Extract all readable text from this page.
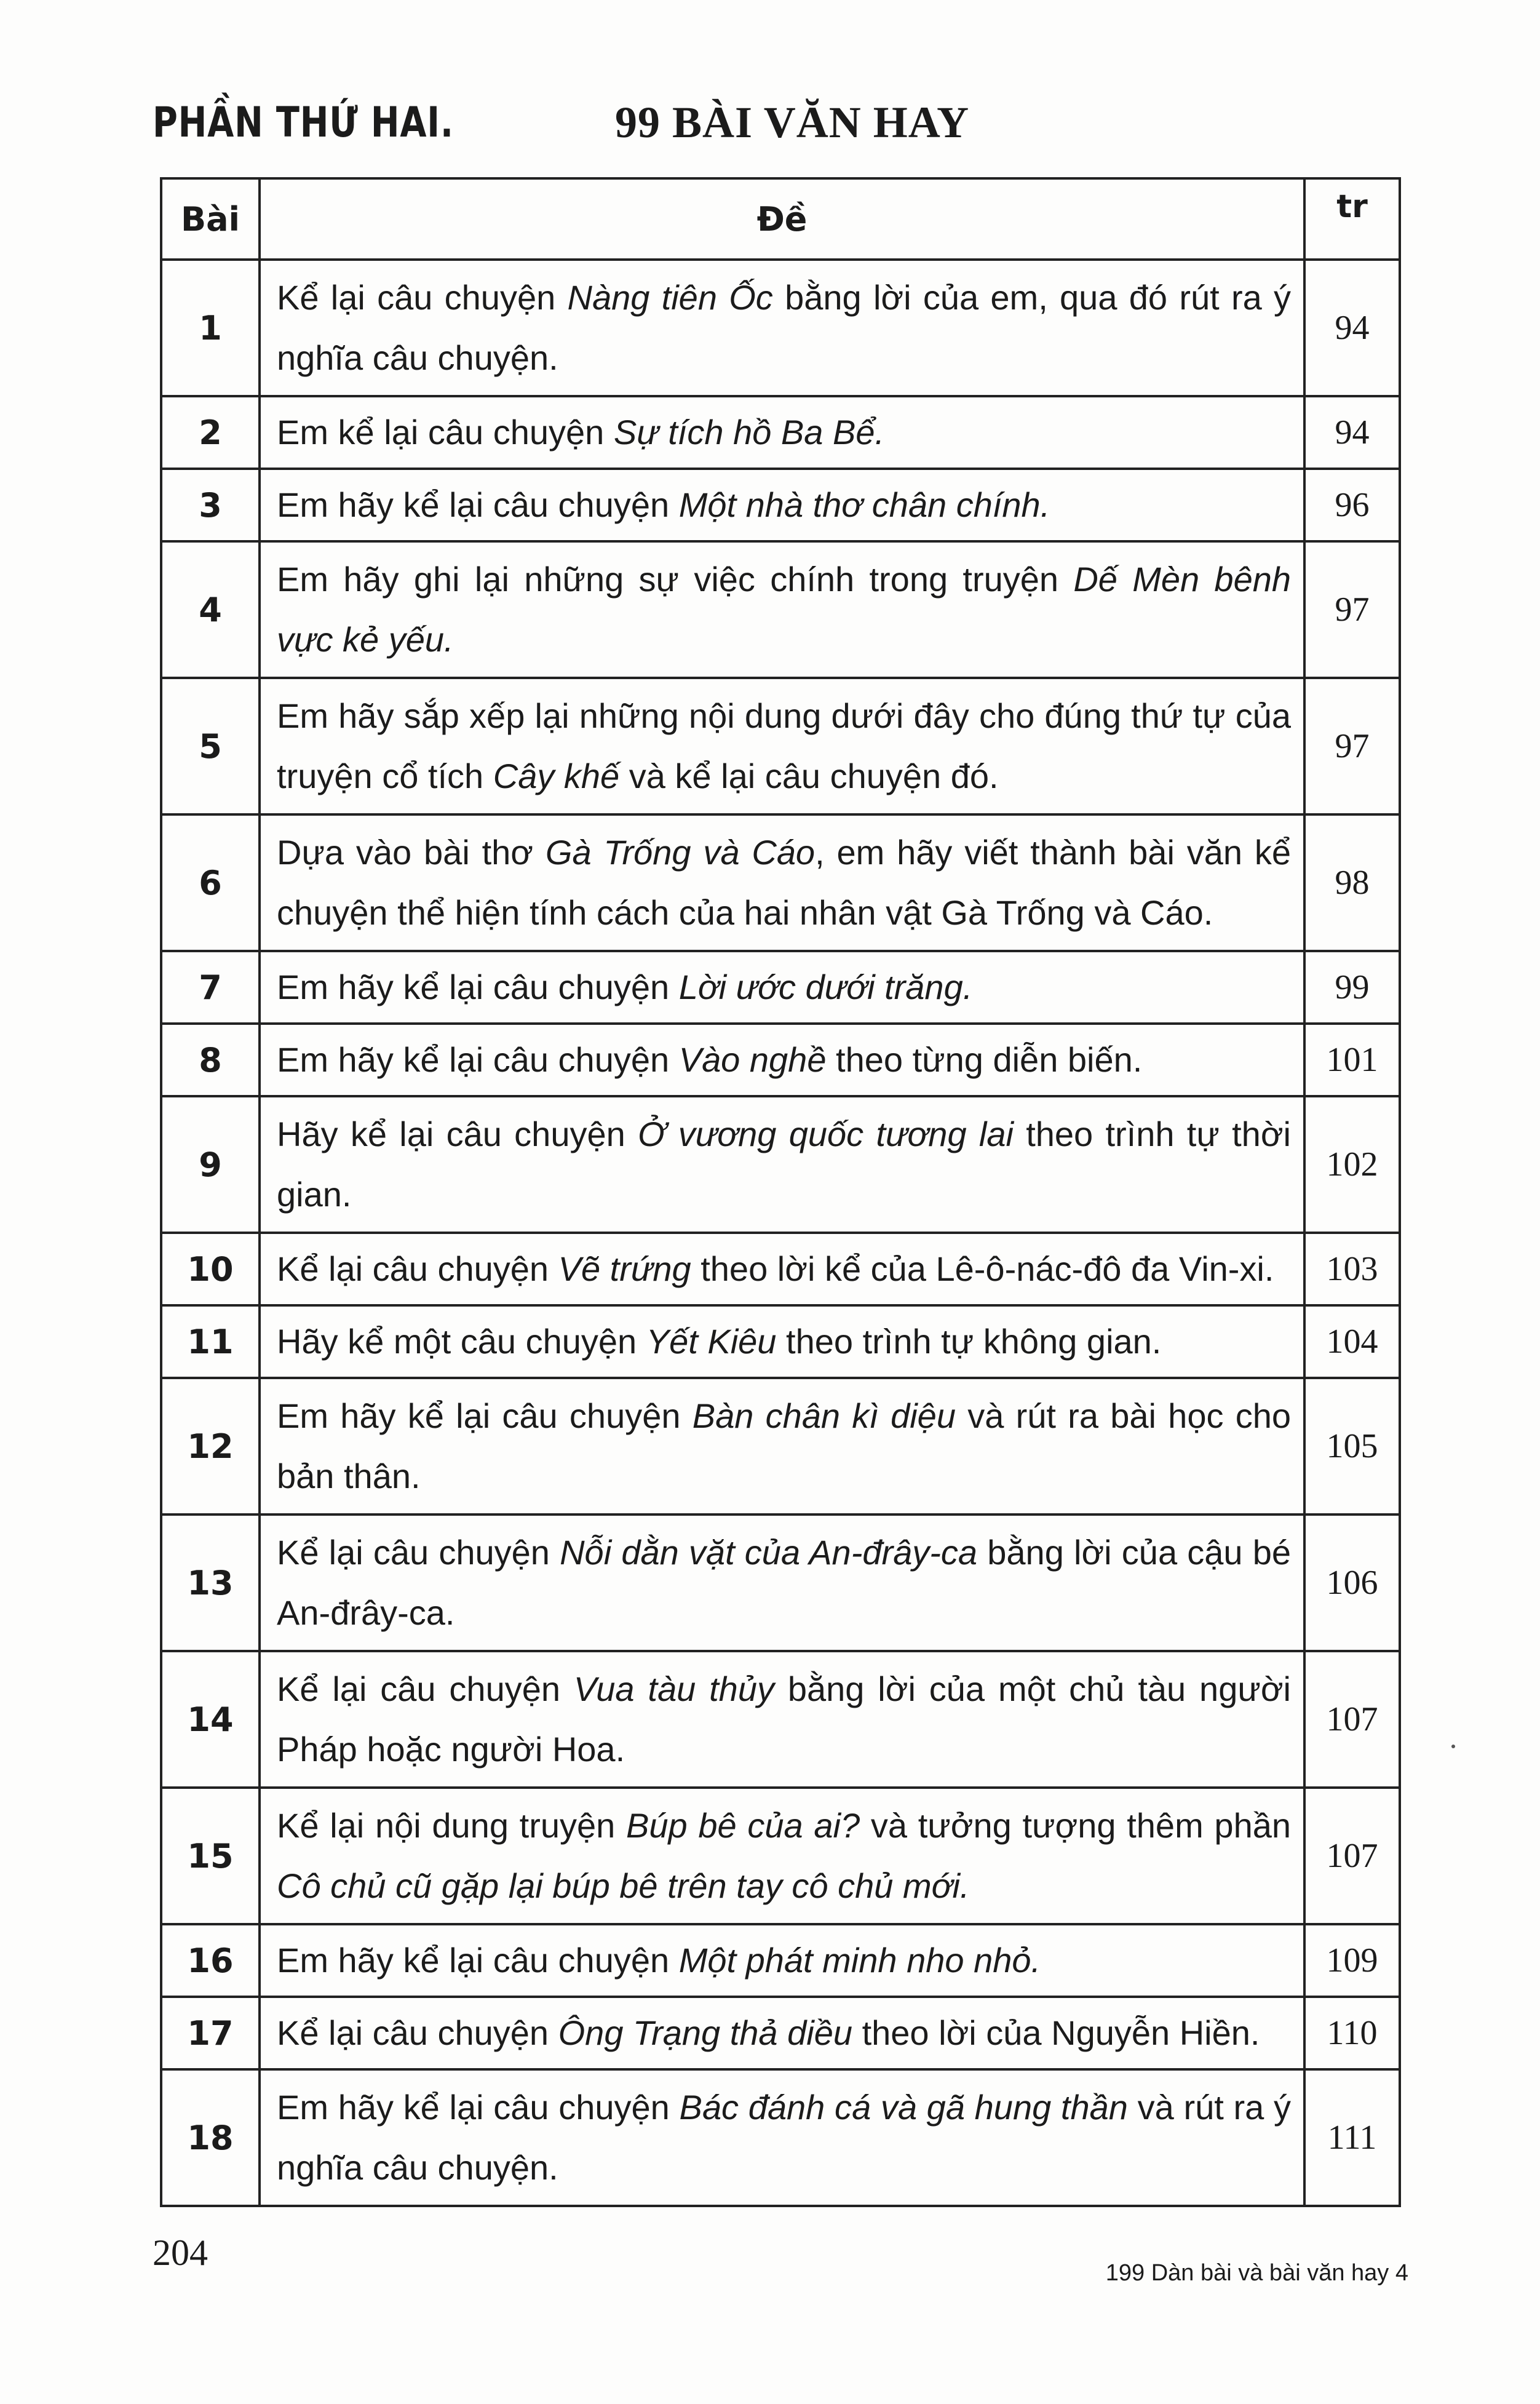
PHẦN THỨ HAI.	99 BÀI VĂN HAY
Bài	Đề	tr
1	Kể lại câu chuyện Nàng tiên Ốc bằng lời của em, qua đó rút ra ý nghĩa câu chuyện.	94
2	Em kể lại câu chuyện Sự tích hồ Ba Bể.	94
3	Em hãy kể lại câu chuyện Một nhà thơ chân chính.	96
4	Em hãy ghi lại những sự việc chính trong truyện Dế Mèn bênh vực kẻ yếu.	97
5	Em hãy sắp xếp lại những nội dung dưới đây cho đúng thứ tự của truyện cổ tích Cây khế và kể lại câu chuyện đó.	97
6	Dựa vào bài thơ Gà Trống và Cáo, em hãy viết thành bài văn kể chuyện thể hiện tính cách của hai nhân vật Gà Trống và Cáo.	98
7	Em hãy kể lại câu chuyện Lời ước dưới trăng.	99
8	Em hãy kể lại câu chuyện Vào nghề theo từng diễn biến.	101
9	Hãy kể lại câu chuyện Ở vương quốc tương lai theo trình tự thời gian.	102
10	Kể lại câu chuyện Vẽ trứng theo lời kể của Lê-ô-nác-đô đa Vin-xi.	103
11	Hãy kể một câu chuyện Yết Kiêu theo trình tự không gian.	104
12	Em hãy kể lại câu chuyện Bàn chân kì diệu và rút ra bài học cho bản thân.	105
13	Kể lại câu chuyện Nỗi dằn vặt của An-đrây-ca bằng lời của cậu bé An-đrây-ca.	106
14	Kể lại câu chuyện Vua tàu thủy bằng lời của một chủ tàu người Pháp hoặc người Hoa.	107
15	Kể lại nội dung truyện Búp bê của ai? và tưởng tượng thêm phần Cô chủ cũ gặp lại búp bê trên tay cô chủ mới.	107
16	Em hãy kể lại câu chuyện Một phát minh nho nhỏ.	109
17	Kể lại câu chuyện Ông Trạng thả diều theo lời của Nguyễn Hiền.	110
18	Em hãy kể lại câu chuyện Bác đánh cá và gã hung thần và rút ra ý nghĩa câu chuyện.	111
204	199 Dàn bài và bài văn hay 4
